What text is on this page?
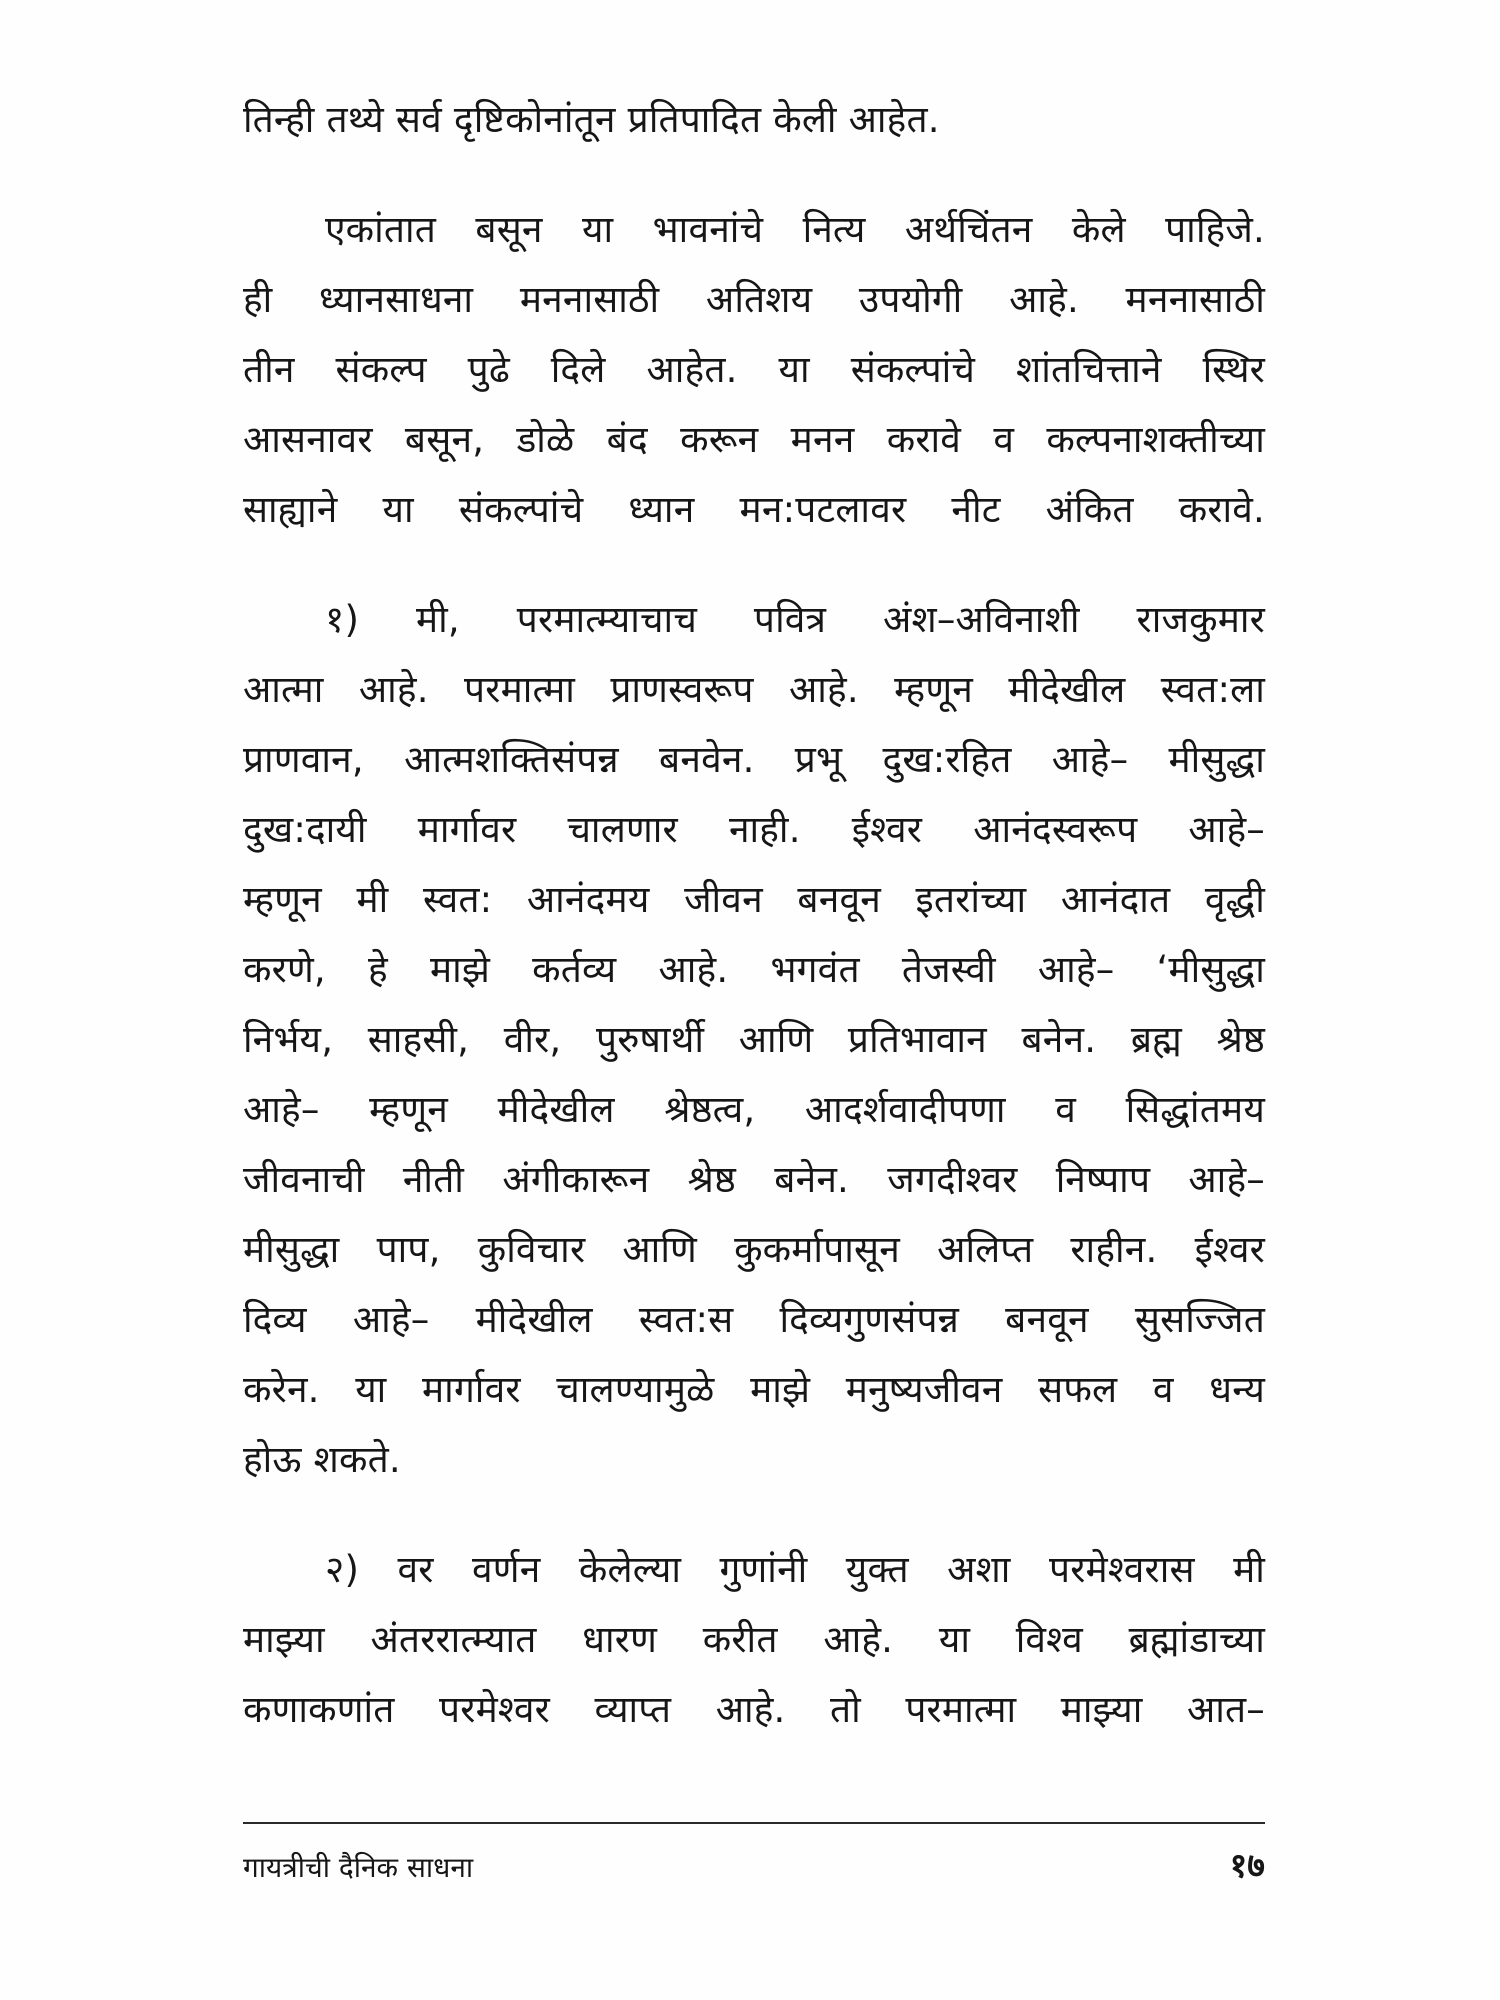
तिन्ही तथ्ये सर्व दृष्टिकोनांतून प्रतिपादित केली आहेत.
एकांतात बसून या भावनांचे नित्य अर्थचिंतन केले पाहिजे.
ही ध्यानसाधना मननासाठी अतिशय उपयोगी आहे. मननासाठी
तीन संकल्प पुढे दिले आहेत. या संकल्पांचे शांतचित्ताने स्थिर
आसनावर बसून, डोळे बंद करून मनन करावे व कल्पनाशक्तीच्या
साह्याने या संकल्पांचे ध्यान मन:पटलावर नीट अंकित करावे.
१) मी, परमात्म्याचाच पवित्र अंश–अविनाशी राजकुमार
आत्मा आहे. परमात्मा प्राणस्वरूप आहे. म्हणून मीदेखील स्वत:ला
प्राणवान, आत्मशक्तिसंपन्न बनवेन. प्रभू दुख:रहित आहे– मीसुद्धा
दुख:दायी मार्गावर चालणार नाही. ईश्वर आनंदस्वरूप आहे–
म्हणून मी स्वत: आनंदमय जीवन बनवून इतरांच्या आनंदात वृद्धी
करणे, हे माझे कर्तव्य आहे. भगवंत तेजस्वी आहे– ‘मीसुद्धा
निर्भय, साहसी, वीर, पुरुषार्थी आणि प्रतिभावान बनेन. ब्रह्म श्रेष्ठ
आहे– म्हणून मीदेखील श्रेष्ठत्व, आदर्शवादीपणा व सिद्धांतमय
जीवनाची नीती अंगीकारून श्रेष्ठ बनेन. जगदीश्वर निष्पाप आहे–
मीसुद्धा पाप, कुविचार आणि कुकर्मापासून अलिप्त राहीन. ईश्वर
दिव्य आहे– मीदेखील स्वत:स दिव्यगुणसंपन्न बनवून सुसज्जित
करेन. या मार्गावर चालण्यामुळे माझे मनुष्यजीवन सफल व धन्य
होऊ शकते.
२) वर वर्णन केलेल्या गुणांनी युक्त अशा परमेश्वरास मी
माझ्या अंतररात्म्यात धारण करीत आहे. या विश्व ब्रह्मांडाच्या
कणाकणांत परमेश्वर व्याप्त आहे. तो परमात्मा माझ्या आत–
गायत्रीची दैनिक साधना	१७
